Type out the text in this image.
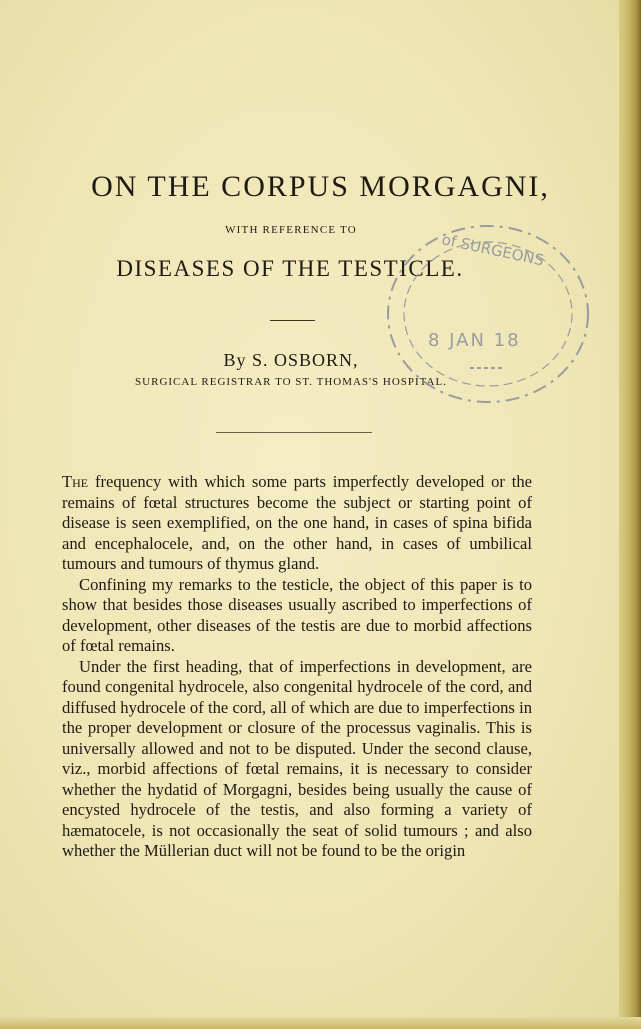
ON THE CORPUS MORGAGNI,
WITH REFERENCE TO
DISEASES OF THE TESTICLE.
By S. OSBORN,
SURGICAL REGISTRAR TO ST. THOMAS'S HOSPITAL.
of SURGEONS
8 JAN 18

The frequency with which some parts imperfectly developed or the remains of fœtal structures become the subject or starting point of disease is seen exemplified, on the one hand, in cases of spina bifida and encephalocele, and, on the other hand, in cases of umbilical tumours and tumours of thymus gland.

Confining my remarks to the testicle, the object of this paper is to show that besides those diseases usually ascribed to imperfections of development, other diseases of the testis are due to morbid affections of fœtal remains.

Under the first heading, that of imperfections in development, are found congenital hydrocele, also congenital hydrocele of the cord, and diffused hydrocele of the cord, all of which are due to imperfections in the proper development or closure of the processus vaginalis. This is universally allowed and not to be disputed. Under the second clause, viz., morbid affections of fœtal remains, it is necessary to consider whether the hydatid of Morgagni, besides being usually the cause of encysted hydrocele of the testis, and also forming a variety of hæmatocele, is not occasionally the seat of solid tumours ; and also whether the Müllerian duct will not be found to be the origin
